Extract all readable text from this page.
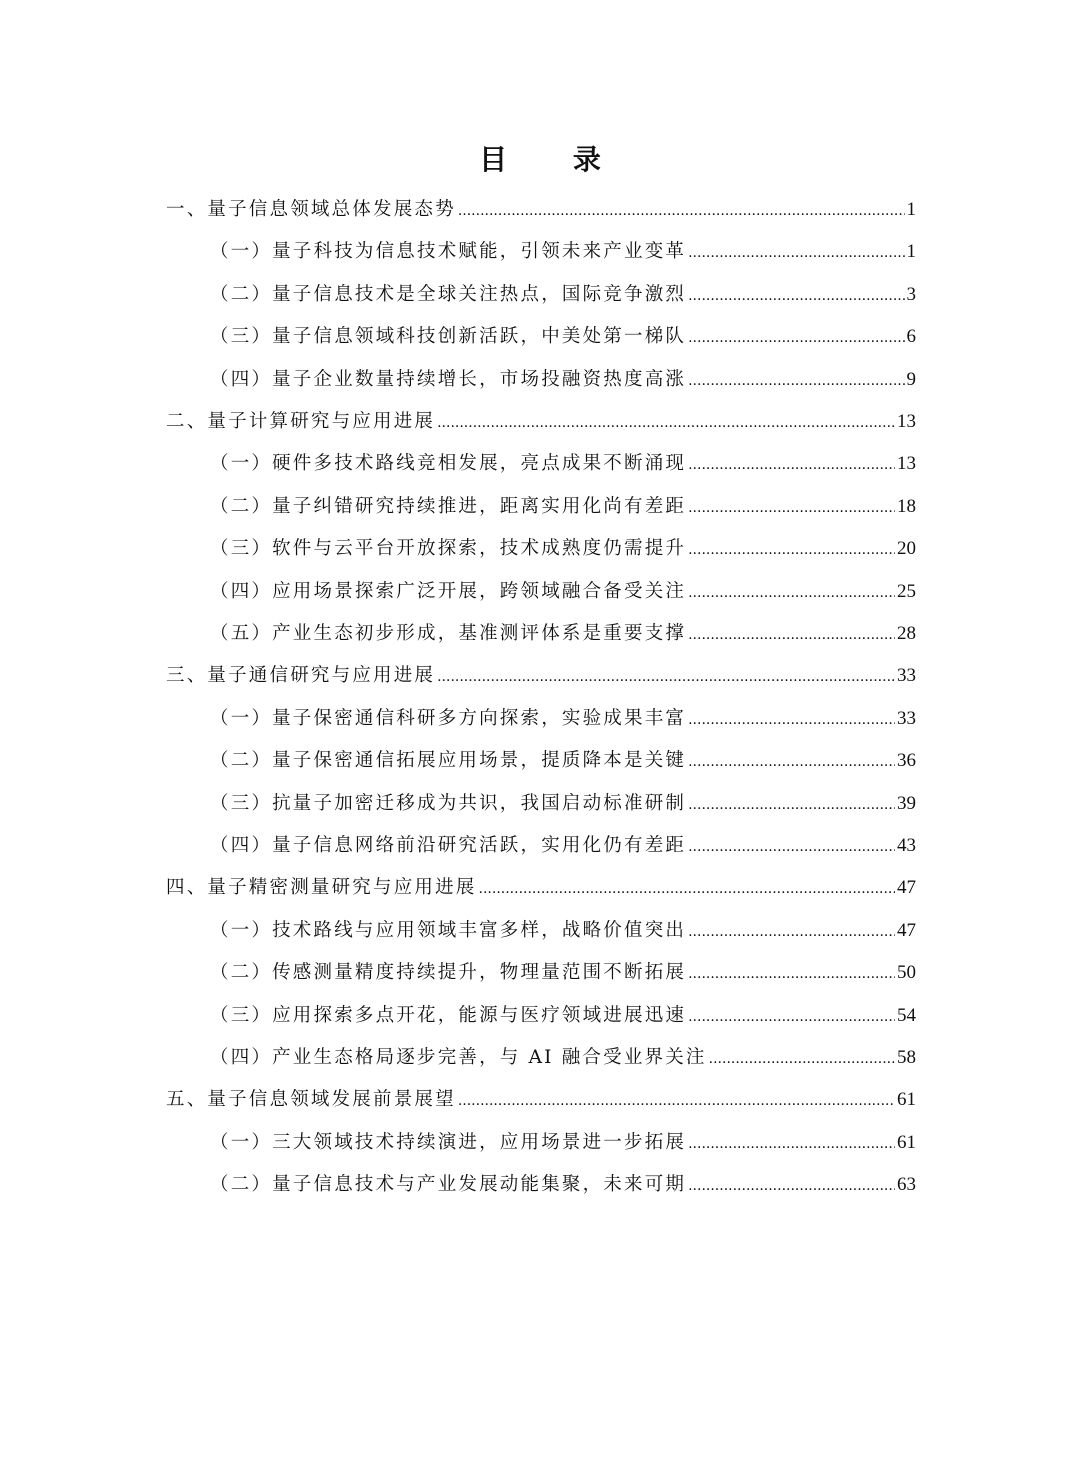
目 录
一、量子信息领域总体发展态势 .....	1
（一）量子科技为信息技术赋能，引领未来产业变革 .....	1
（二）量子信息技术是全球关注热点，国际竞争激烈 .....	3
（三）量子信息领域科技创新活跃，中美处第一梯队 .....	6
（四）量子企业数量持续增长，市场投融资热度高涨 .....	9
二、量子计算研究与应用进展 .....	13
（一）硬件多技术路线竞相发展，亮点成果不断涌现 .....	13
（二）量子纠错研究持续推进，距离实用化尚有差距 .....	18
（三）软件与云平台开放探索，技术成熟度仍需提升 .....	20
（四）应用场景探索广泛开展，跨领域融合备受关注 .....	25
（五）产业生态初步形成，基准测评体系是重要支撑 .....	28
三、量子通信研究与应用进展 .....	33
（一）量子保密通信科研多方向探索，实验成果丰富 .....	33
（二）量子保密通信拓展应用场景，提质降本是关键 .....	36
（三）抗量子加密迁移成为共识，我国启动标准研制 .....	39
（四）量子信息网络前沿研究活跃，实用化仍有差距 .....	43
四、量子精密测量研究与应用进展 .....	47
（一）技术路线与应用领域丰富多样，战略价值突出 .....	47
（二）传感测量精度持续提升，物理量范围不断拓展 .....	50
（三）应用探索多点开花，能源与医疗领域进展迅速 .....	54
（四）产业生态格局逐步完善，与 AI 融合受业界关注 .....	58
五、量子信息领域发展前景展望 .....	61
（一）三大领域技术持续演进，应用场景进一步拓展 .....	61
（二）量子信息技术与产业发展动能集聚，未来可期 .....	63
